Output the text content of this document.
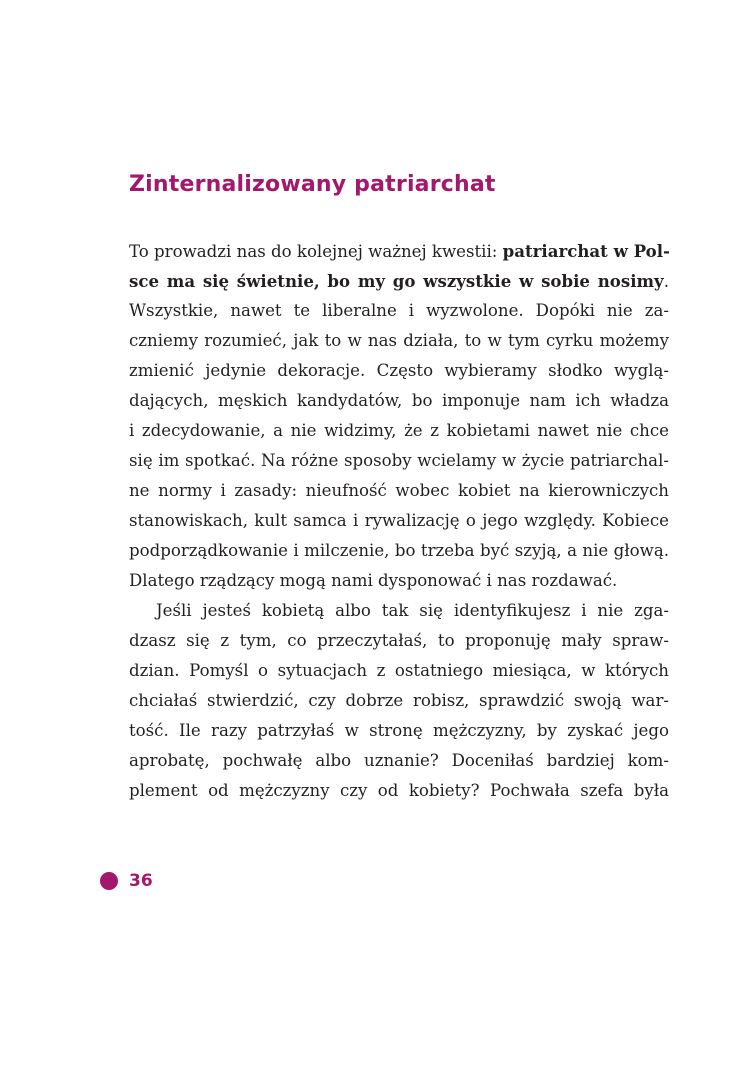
Zinternalizowany patriarchat
To prowadzi nas do kolejnej ważnej kwestii: patriarchat w Pol-
sce ma się świetnie, bo my go wszystkie w sobie nosimy.
Wszystkie, nawet te liberalne i wyzwolone. Dopóki nie za-
czniemy rozumieć, jak to w nas działa, to w tym cyrku możemy
zmienić jedynie dekoracje. Często wybieramy słodko wyglą-
dających, męskich kandydatów, bo imponuje nam ich władza
i zdecydowanie, a nie widzimy, że z kobietami nawet nie chce
się im spotkać. Na różne sposoby wcielamy w życie patriarchal-
ne normy i zasady: nieufność wobec kobiet na kierowniczych
stanowiskach, kult samca i rywalizację o jego względy. Kobiece
podporządkowanie i milczenie, bo trzeba być szyją, a nie głową.
Dlatego rządzący mogą nami dysponować i nas rozdawać.
Jeśli jesteś kobietą albo tak się identyfikujesz i nie zga-
dzasz się z tym, co przeczytałaś, to proponuję mały spraw-
dzian. Pomyśl o sytuacjach z ostatniego miesiąca, w których
chciałaś stwierdzić, czy dobrze robisz, sprawdzić swoją war-
tość. Ile razy patrzyłaś w stronę mężczyzny, by zyskać jego
aprobatę, pochwałę albo uznanie? Doceniłaś bardziej kom-
plement od mężczyzny czy od kobiety? Pochwała szefa była
36
